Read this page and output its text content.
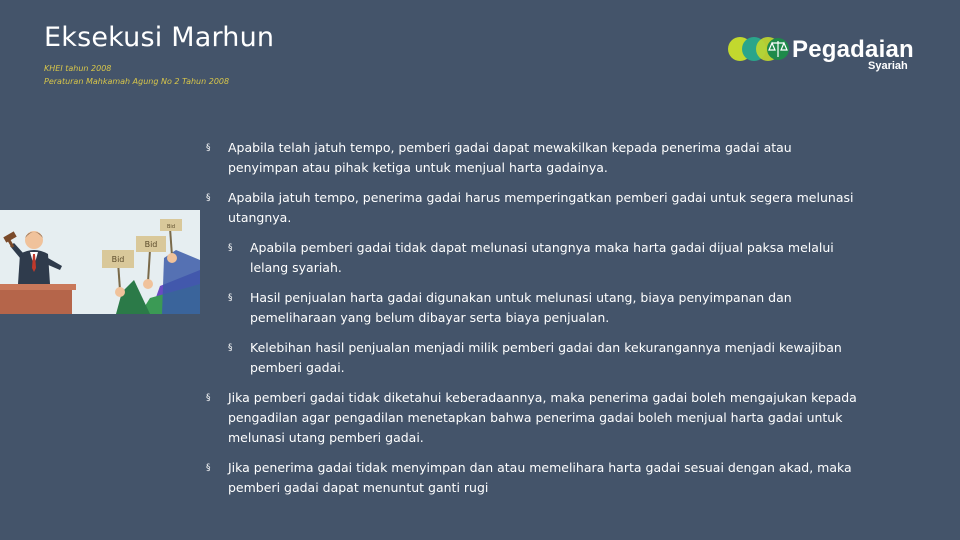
Eksekusi Marhun
KHEI tahun 2008
Peraturan Mahkamah Agung No 2 Tahun 2008
Pegadaian
Syariah
Bid
Bid
Bid
§ Apabila telah jatuh tempo, pemberi gadai dapat mewakilkan kepada penerima gadai atau penyimpan atau pihak ketiga untuk menjual harta gadainya.
§ Apabila jatuh tempo, penerima gadai harus memperingatkan pemberi gadai untuk segera melunasi utangnya.
§ Apabila pemberi gadai tidak dapat melunasi utangnya maka harta gadai dijual paksa melalui lelang syariah.
§ Hasil penjualan harta gadai digunakan untuk melunasi utang, biaya penyimpanan dan pemeliharaan yang belum dibayar serta biaya penjualan.
§ Kelebihan hasil penjualan menjadi milik pemberi gadai dan kekurangannya menjadi kewajiban pemberi gadai.
§ Jika pemberi gadai tidak diketahui keberadaannya, maka penerima gadai boleh mengajukan kepada pengadilan agar pengadilan menetapkan bahwa penerima gadai boleh menjual harta gadai untuk melunasi utang pemberi gadai.
§ Jika penerima gadai tidak menyimpan dan atau memelihara harta gadai sesuai dengan akad, maka pemberi gadai dapat menuntut ganti rugi
